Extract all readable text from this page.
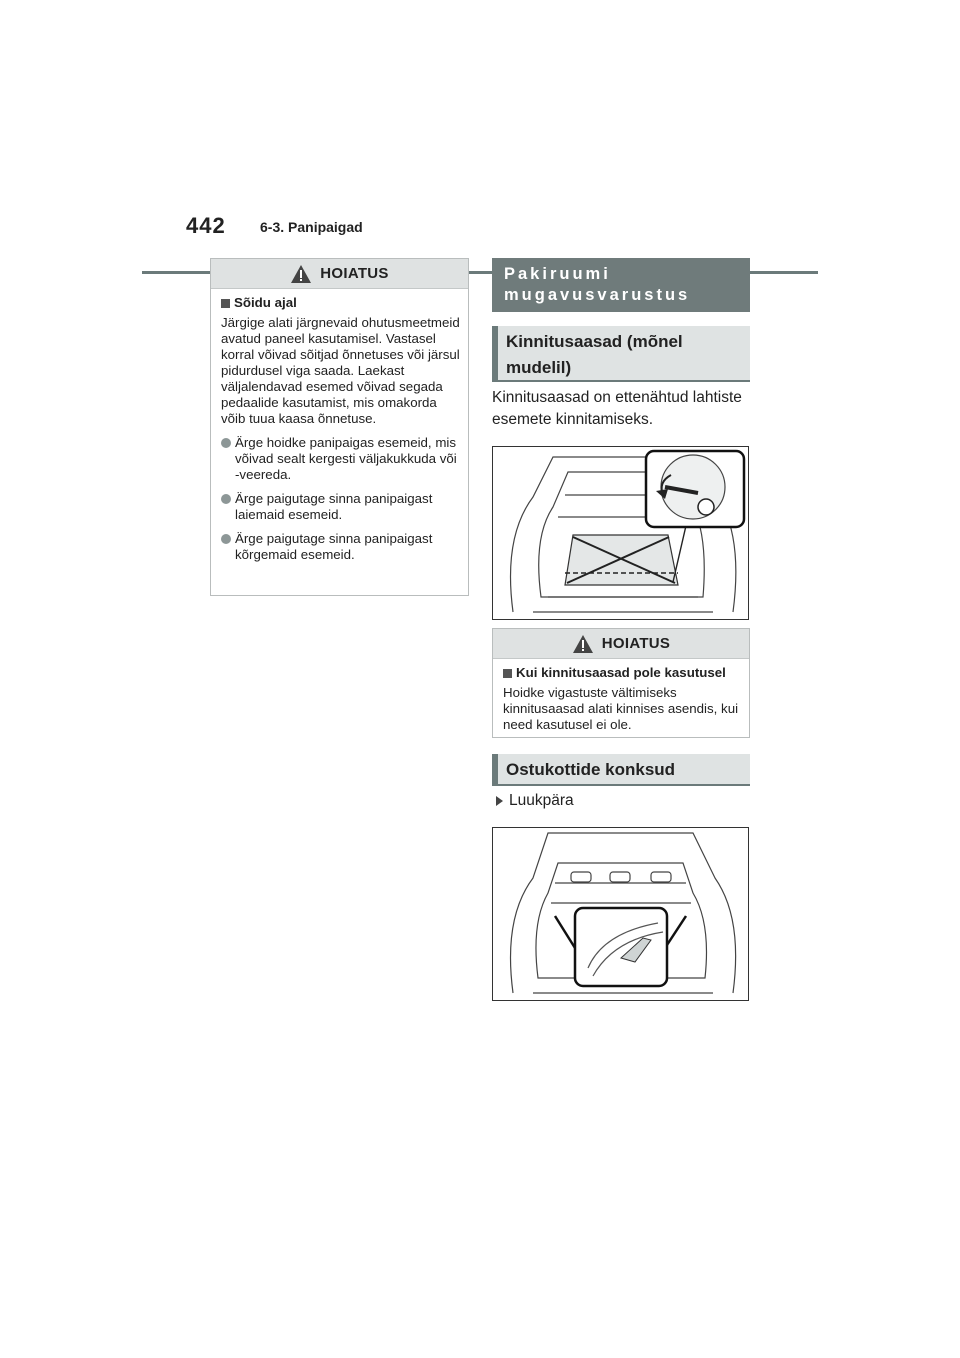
442 6-3. Panipaigad
HOIATUS
Sõidu ajal

Järgige alati järgnevaid ohutusmeetmeid avatud paneel kasutamisel. Vastasel korral võivad sõitjad õnnetuses või järsul pidurdusel viga saada. Laekast väljalendavad esemed võivad segada pedaalide kasutamist, mis omakorda võib tuua kaasa õnnetuse.

Ärge hoidke panipaigas esemeid, mis võivad sealt kergesti väljakukkuda või -veereda.
Ärge paigutage sinna panipaigast laiemaid esemeid.
Ärge paigutage sinna panipaigast kõrgemaid esemeid.
Pakiruumi mugavusvarustus
Kinnitusaasad (mõnel mudelil)
Kinnitusaasad on ettenähtud lahtiste esemete kinnitamiseks.
HOIATUS
Kui kinnitusaasad pole kasutusel

Hoidke vigastuste vältimiseks kinnitusaasad alati kinnises asendis, kui need kasutusel ei ole.

Ostukottide konksud
Luukpära
